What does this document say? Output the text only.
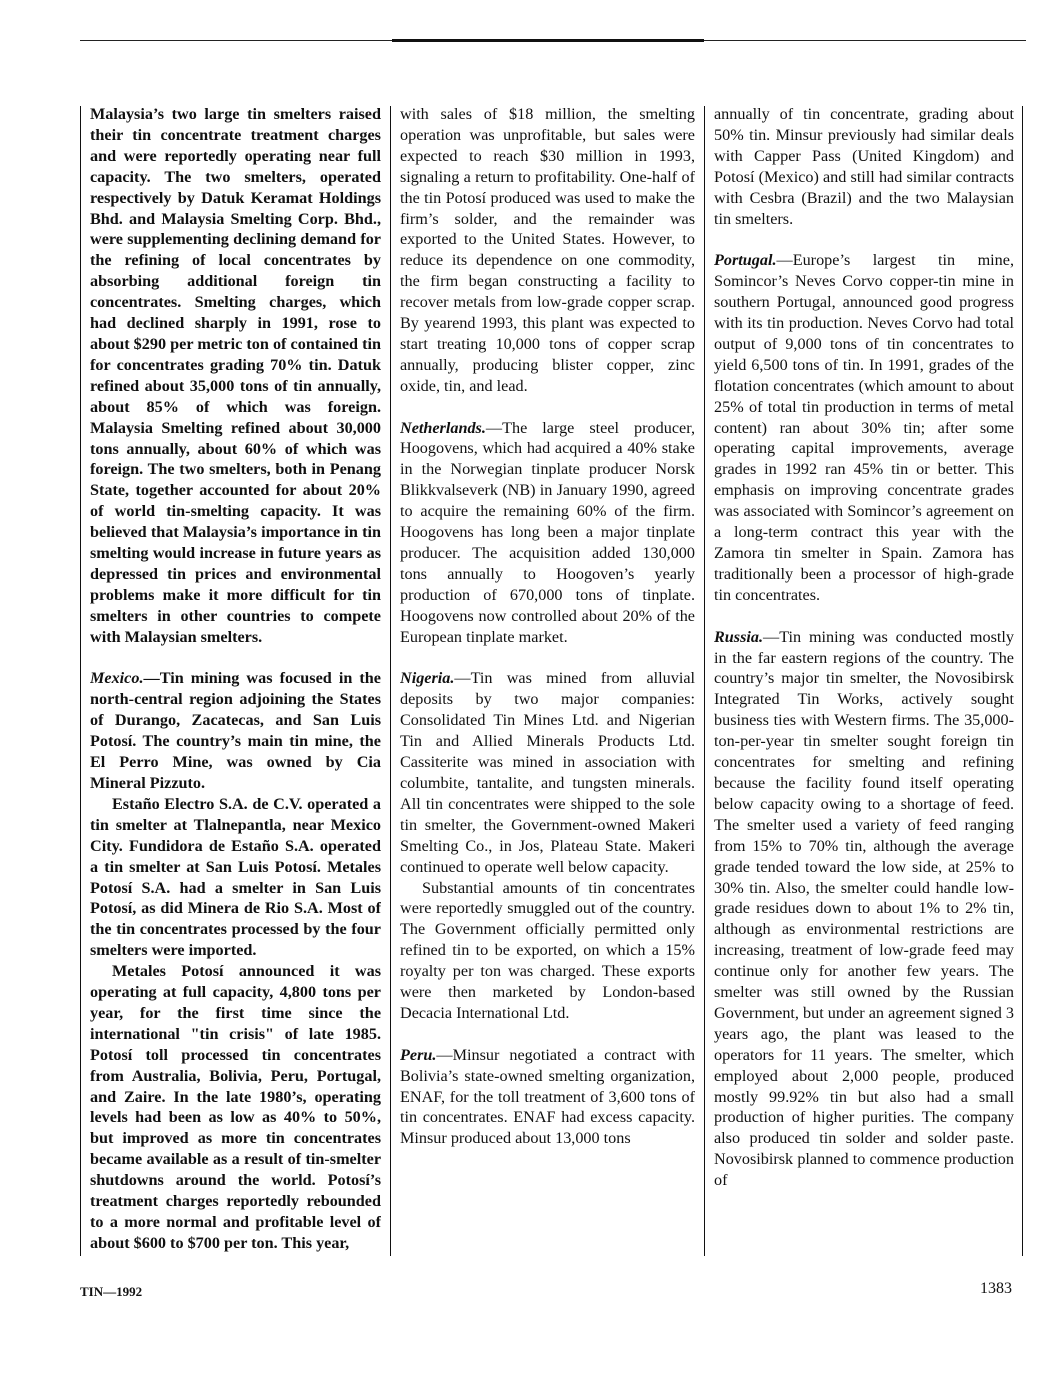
Malaysia’s two large tin smelters raised their tin concentrate treatment charges and were reportedly operating near full capacity. The two smelters, operated respectively by Datuk Keramat Holdings Bhd. and Malaysia Smelting Corp. Bhd., were supplementing declining demand for the refining of local concentrates by absorbing additional foreign tin concentrates. Smelting charges, which had declined sharply in 1991, rose to about $290 per metric ton of contained tin for concentrates grading 70% tin. Datuk refined about 35,000 tons of tin annually, about 85% of which was foreign. Malaysia Smelting refined about 30,000 tons annually, about 60% of which was foreign. The two smelters, both in Penang State, together accounted for about 20% of world tin-smelting capacity. It was believed that Malaysia’s importance in tin smelting would increase in future years as depressed tin prices and environmental problems make it more difficult for tin smelters in other countries to compete with Malaysian smelters.

Mexico.—Tin mining was focused in the north-central region adjoining the States of Durango, Zacatecas, and San Luis Potosí. The country’s main tin mine, the El Perro Mine, was owned by Cia Mineral Pizzuto.

Estaño Electro S.A. de C.V. operated a tin smelter at Tlalnepantla, near Mexico City. Fundidora de Estaño S.A. operated a tin smelter at San Luis Potosí. Metales Potosí S.A. had a smelter in San Luis Potosí, as did Minera de Rio S.A. Most of the tin concentrates processed by the four smelters were imported.

Metales Potosí announced it was operating at full capacity, 4,800 tons per year, for the first time since the international "tin crisis" of late 1985. Potosí toll processed tin concentrates from Australia, Bolivia, Peru, Portugal, and Zaire. In the late 1980’s, operating levels had been as low as 40% to 50%, but improved as more tin concentrates became available as a result of tin-smelter shutdowns around the world. Potosí’s treatment charges reportedly rebounded to a more normal and profitable level of about $600 to $700 per ton. This year,

with sales of $18 million, the smelting operation was unprofitable, but sales were expected to reach $30 million in 1993, signaling a return to profitability. One-half of the tin Potosí produced was used to make the firm’s solder, and the remainder was exported to the United States. However, to reduce its dependence on one commodity, the firm began constructing a facility to recover metals from low-grade copper scrap. By yearend 1993, this plant was expected to start treating 10,000 tons of copper scrap annually, producing blister copper, zinc oxide, tin, and lead.

Netherlands.—The large steel producer, Hoogovens, which had acquired a 40% stake in the Norwegian tinplate producer Norsk Blikkvalseverk (NB) in January 1990, agreed to acquire the remaining 60% of the firm. Hoogovens has long been a major tinplate producer. The acquisition added 130,000 tons annually to Hoogoven’s yearly production of 670,000 tons of tinplate. Hoogovens now controlled about 20% of the European tinplate market.

Nigeria.—Tin was mined from alluvial deposits by two major companies: Consolidated Tin Mines Ltd. and Nigerian Tin and Allied Minerals Products Ltd. Cassiterite was mined in association with columbite, tantalite, and tungsten minerals. All tin concentrates were shipped to the sole tin smelter, the Government-owned Makeri Smelting Co., in Jos, Plateau State. Makeri continued to operate well below capacity.

Substantial amounts of tin concentrates were reportedly smuggled out of the country. The Government officially permitted only refined tin to be exported, on which a 15% royalty per ton was charged. These exports were then marketed by London-based Decacia International Ltd.

Peru.—Minsur negotiated a contract with Bolivia’s state-owned smelting organization, ENAF, for the toll treatment of 3,600 tons of tin concentrates. ENAF had excess capacity. Minsur produced about 13,000 tons

annually of tin concentrate, grading about 50% tin. Minsur previously had similar deals with Capper Pass (United Kingdom) and Potosí (Mexico) and still had similar contracts with Cesbra (Brazil) and the two Malaysian tin smelters.

Portugal.—Europe’s largest tin mine, Somincor’s Neves Corvo copper-tin mine in southern Portugal, announced good progress with its tin production. Neves Corvo had total output of 9,000 tons of tin concentrates to yield 6,500 tons of tin. In 1991, grades of the flotation concentrates (which amount to about 25% of total tin production in terms of metal content) ran about 30% tin; after some operating capital improvements, average grades in 1992 ran 45% tin or better. This emphasis on improving concentrate grades was associated with Somincor’s agreement on a long-term contract this year with the Zamora tin smelter in Spain. Zamora has traditionally been a processor of high-grade tin concentrates.

Russia.—Tin mining was conducted mostly in the far eastern regions of the country. The country’s major tin smelter, the Novosibirsk Integrated Tin Works, actively sought business ties with Western firms. The 35,000-ton-per-year tin smelter sought foreign tin concentrates for smelting and refining because the facility found itself operating below capacity owing to a shortage of feed. The smelter used a variety of feed ranging from 15% to 70% tin, although the average grade tended toward the low side, at 25% to 30% tin. Also, the smelter could handle low-grade residues down to about 1% to 2% tin, although as environmental restrictions are increasing, treatment of low-grade feed may continue only for another few years. The smelter was still owned by the Russian Government, but under an agreement signed 3 years ago, the plant was leased to the operators for 11 years. The smelter, which employed about 2,000 people, produced mostly 99.92% tin but also had a small production of higher purities. The company also produced tin solder and solder paste. Novosibirsk planned to commence production of

TIN—1992	1383
